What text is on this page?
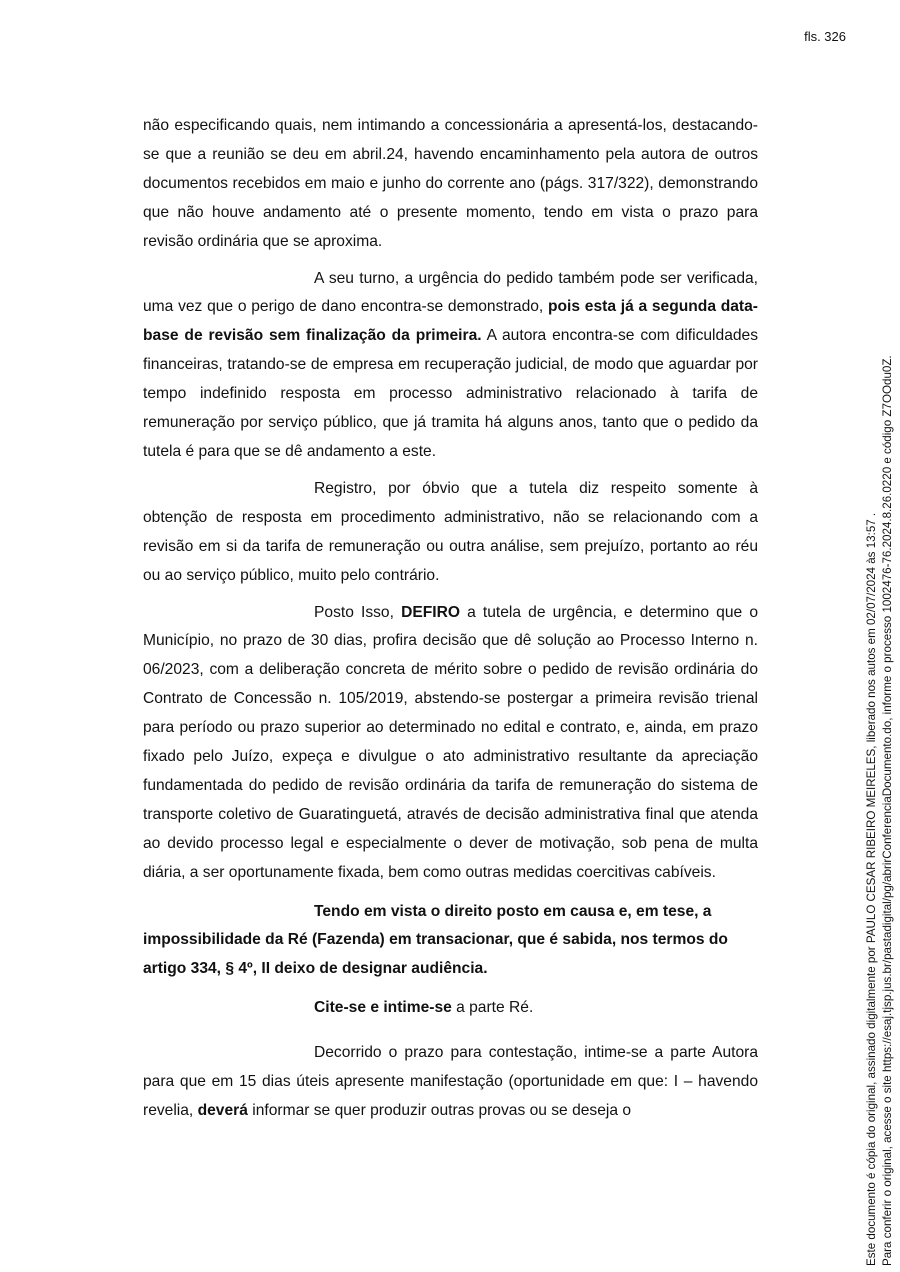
fls. 326

não especificando quais, nem intimando a concessionária a apresentá-los, destacando-se que a reunião se deu em abril.24, havendo encaminhamento pela autora de outros documentos recebidos em maio e junho do corrente ano (págs. 317/322), demonstrando que não houve andamento até o presente momento, tendo em vista o prazo para revisão ordinária que se aproxima.

A seu turno, a urgência do pedido também pode ser verificada, uma vez que o perigo de dano encontra-se demonstrado, pois esta já a segunda data-base de revisão sem finalização da primeira. A autora encontra-se com dificuldades financeiras, tratando-se de empresa em recuperação judicial, de modo que aguardar por tempo indefinido resposta em processo administrativo relacionado à tarifa de remuneração por serviço público, que já tramita há alguns anos, tanto que o pedido da tutela é para que se dê andamento a este.

Registro, por óbvio que a tutela diz respeito somente à obtenção de resposta em procedimento administrativo, não se relacionando com a revisão em si da tarifa de remuneração ou outra análise, sem prejuízo, portanto ao réu ou ao serviço público, muito pelo contrário.

Posto Isso, DEFIRO a tutela de urgência, e determino que o Município, no prazo de 30 dias, profira decisão que dê solução ao Processo Interno n. 06/2023, com a deliberação concreta de mérito sobre o pedido de revisão ordinária do Contrato de Concessão n. 105/2019, abstendo-se postergar a primeira revisão trienal para período ou prazo superior ao determinado no edital e contrato, e, ainda, em prazo fixado pelo Juízo, expeça e divulgue o ato administrativo resultante da apreciação fundamentada do pedido de revisão ordinária da tarifa de remuneração do sistema de transporte coletivo de Guaratinguetá, através de decisão administrativa final que atenda ao devido processo legal e especialmente o dever de motivação, sob pena de multa diária, a ser oportunamente fixada, bem como outras medidas coercitivas cabíveis.

Tendo em vista o direito posto em causa e, em tese, a impossibilidade da Ré (Fazenda) em transacionar, que é sabida, nos termos do artigo 334, § 4º, II deixo de designar audiência.

Cite-se e intime-se a parte Ré.

Decorrido o prazo para contestação, intime-se a parte Autora para que em 15 dias úteis apresente manifestação (oportunidade em que: I – havendo revelia, deverá informar se quer produzir outras provas ou se deseja o	Este documento é cópia do original, assinado digitalmente por PAULO CESAR RIBEIRO MEIRELES, liberado nos autos em 02/07/2024 às 13:57 . Para conferir o original, acesse o site https://esaj.tjsp.jus.br/pastadigital/pg/abrirConferenciaDocumento.do, informe o processo 1002476-76.2024.8.26.0220 e código Z7OOdu0Z.
